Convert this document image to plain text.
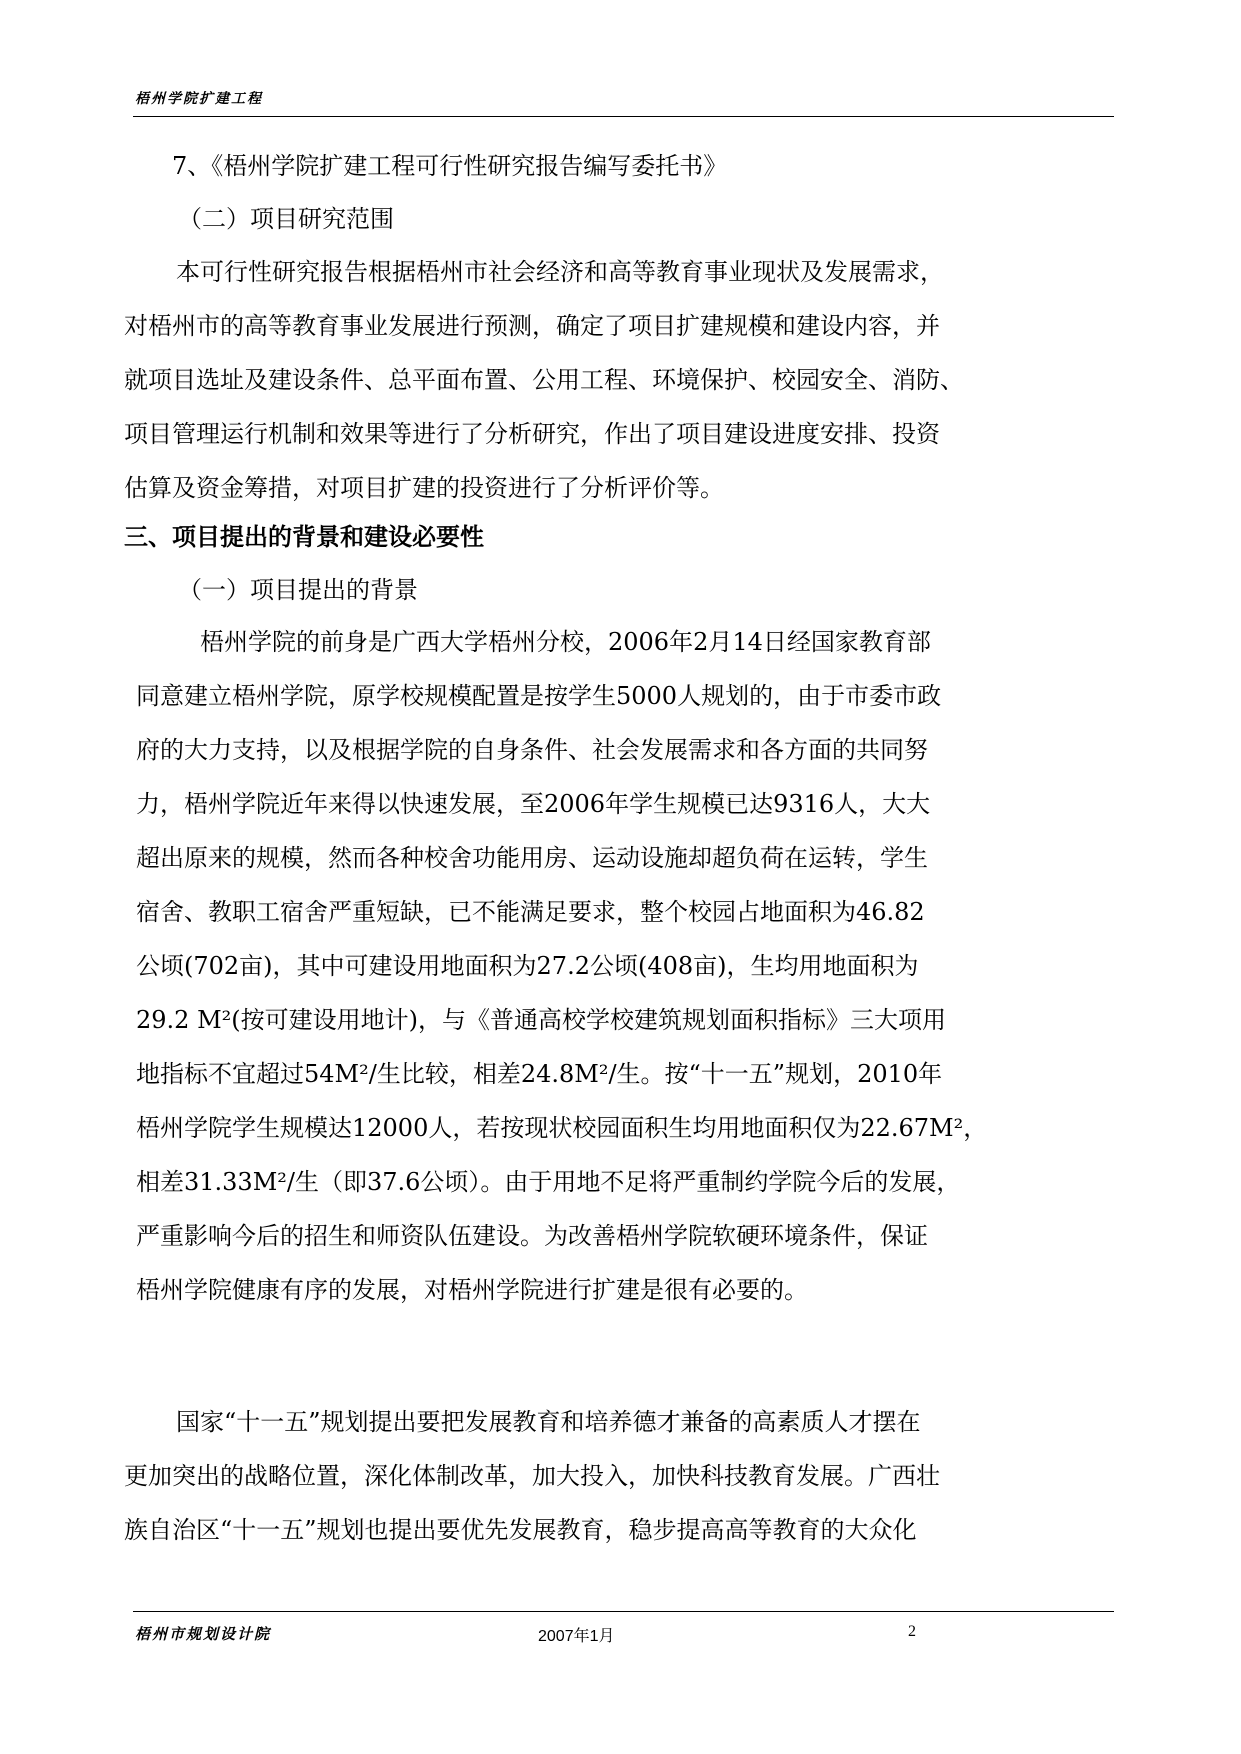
梧州学院扩建工程
7、《梧州学院扩建工程可行性研究报告编写委托书》
（二）项目研究范围
本可行性研究报告根据梧州市社会经济和高等教育事业现状及发展需求，
对梧州市的高等教育事业发展进行预测，确定了项目扩建规模和建设内容，并
就项目选址及建设条件、总平面布置、公用工程、环境保护、校园安全、消防、
项目管理运行机制和效果等进行了分析研究，作出了项目建设进度安排、投资
估算及资金筹措，对项目扩建的投资进行了分析评价等。
三、项目提出的背景和建设必要性
（一）项目提出的背景
梧州学院的前身是广西大学梧州分校，2006年2月14日经国家教育部
同意建立梧州学院，原学校规模配置是按学生5000人规划的，由于市委市政
府的大力支持，以及根据学院的自身条件、社会发展需求和各方面的共同努
力，梧州学院近年来得以快速发展，至2006年学生规模已达9316人，大大
超出原来的规模，然而各种校舍功能用房、运动设施却超负荷在运转，学生
宿舍、教职工宿舍严重短缺，已不能满足要求，整个校园占地面积为46.82
公顷(702亩)，其中可建设用地面积为27.2公顷(408亩)，生均用地面积为
29.2 M²(按可建设用地计)，与《普通高校学校建筑规划面积指标》三大项用
地指标不宜超过54M²/生比较，相差24.8M²/生。按“十一五”规划，2010年
梧州学院学生规模达12000人，若按现状校园面积生均用地面积仅为22.67M²，
相差31.33M²/生（即37.6公顷）。由于用地不足将严重制约学院今后的发展，
严重影响今后的招生和师资队伍建设。为改善梧州学院软硬环境条件，保证
梧州学院健康有序的发展，对梧州学院进行扩建是很有必要的。
国家“十一五”规划提出要把发展教育和培养德才兼备的高素质人才摆在
更加突出的战略位置，深化体制改革，加大投入，加快科技教育发展。广西壮
族自治区“十一五”规划也提出要优先发展教育，稳步提高高等教育的大众化
梧州市规划设计院	2007年1月	2
